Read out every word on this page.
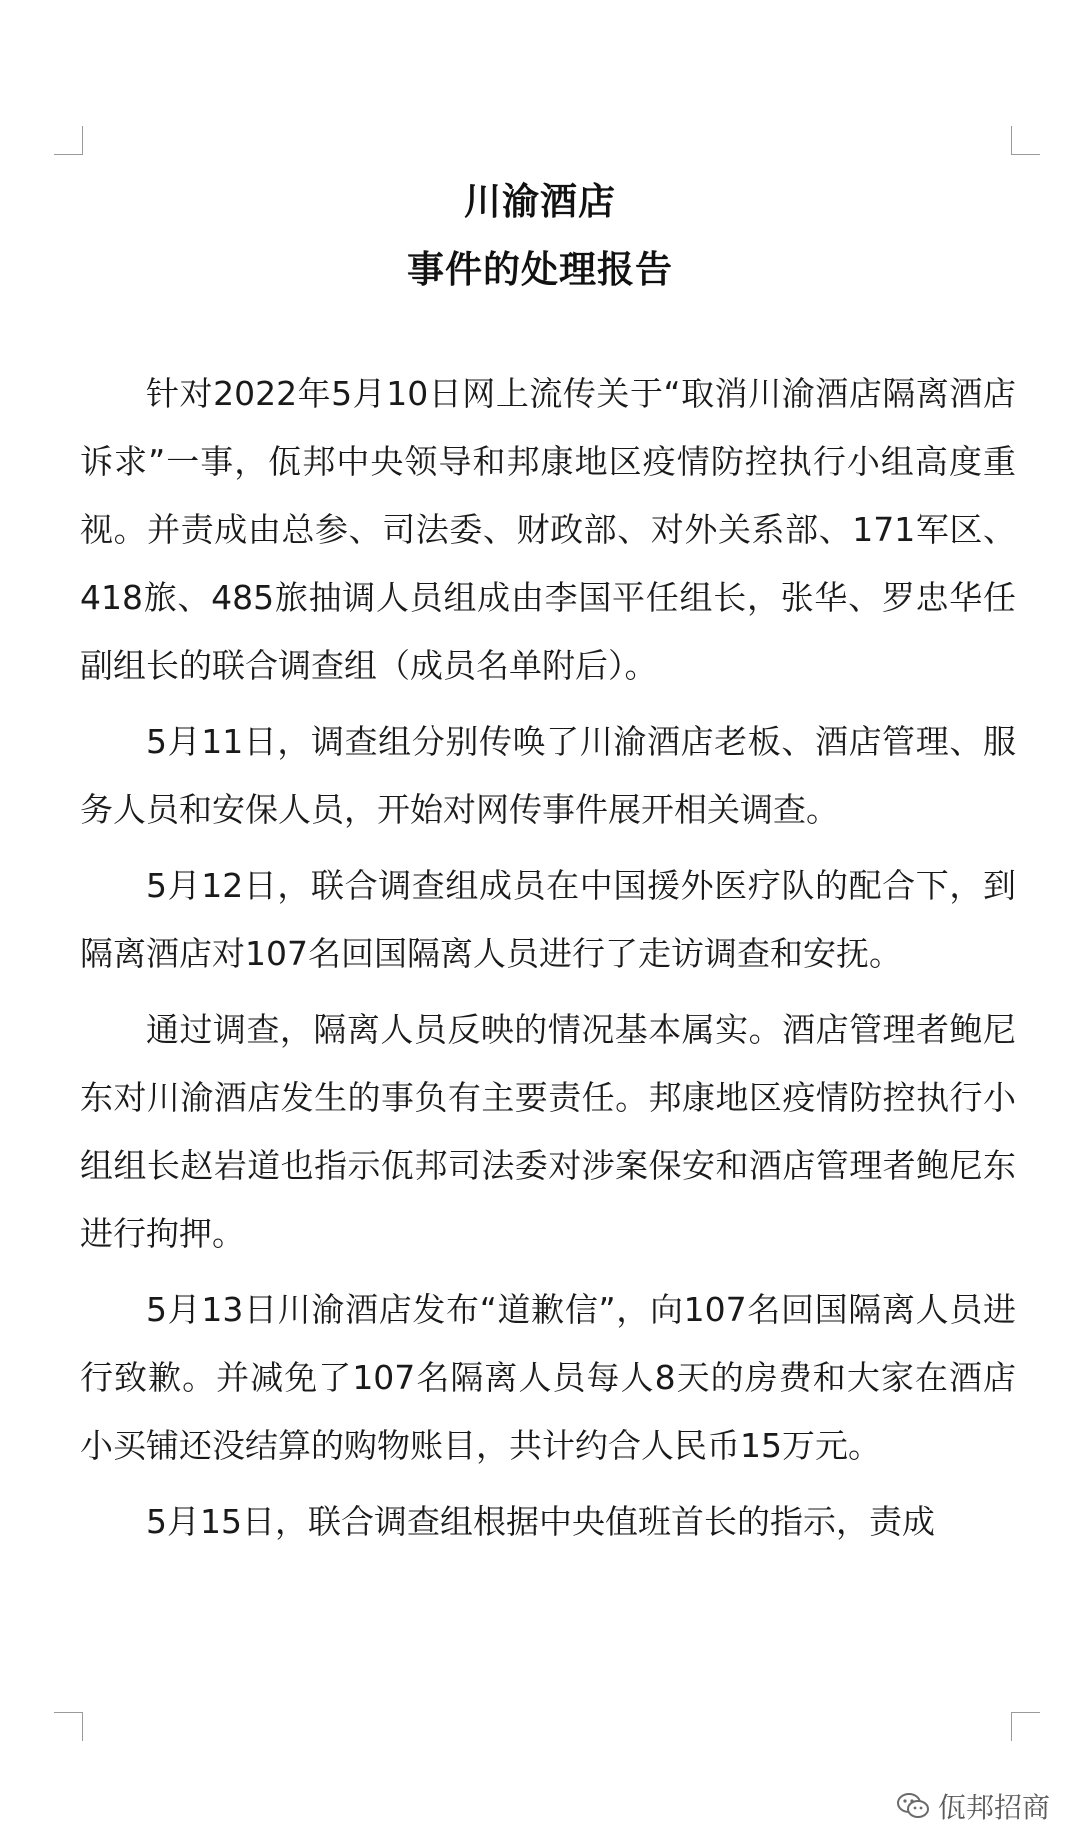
川渝酒店
事件的处理报告

针对2022年5月10日网上流传关于“取消川渝酒店隔离酒店诉求”一事，佤邦中央领导和邦康地区疫情防控执行小组高度重视。并责成由总参、司法委、财政部、对外关系部、171军区、418旅、485旅抽调人员组成由李国平任组长，张华、罗忠华任副组长的联合调查组（成员名单附后）。

5月11日，调查组分别传唤了川渝酒店老板、酒店管理、服务人员和安保人员，开始对网传事件展开相关调查。

5月12日，联合调查组成员在中国援外医疗队的配合下，到隔离酒店对107名回国隔离人员进行了走访调查和安抚。

通过调查，隔离人员反映的情况基本属实。酒店管理者鲍尼东对川渝酒店发生的事负有主要责任。邦康地区疫情防控执行小组组长赵岩道也指示佤邦司法委对涉案保安和酒店管理者鲍尼东进行拘押。

5月13日川渝酒店发布“道歉信”，向107名回国隔离人员进行致歉。并减免了107名隔离人员每人8天的房费和大家在酒店小买铺还没结算的购物账目，共计约合人民币15万元。

5月15日，联合调查组根据中央值班首长的指示，责成

佤邦招商
